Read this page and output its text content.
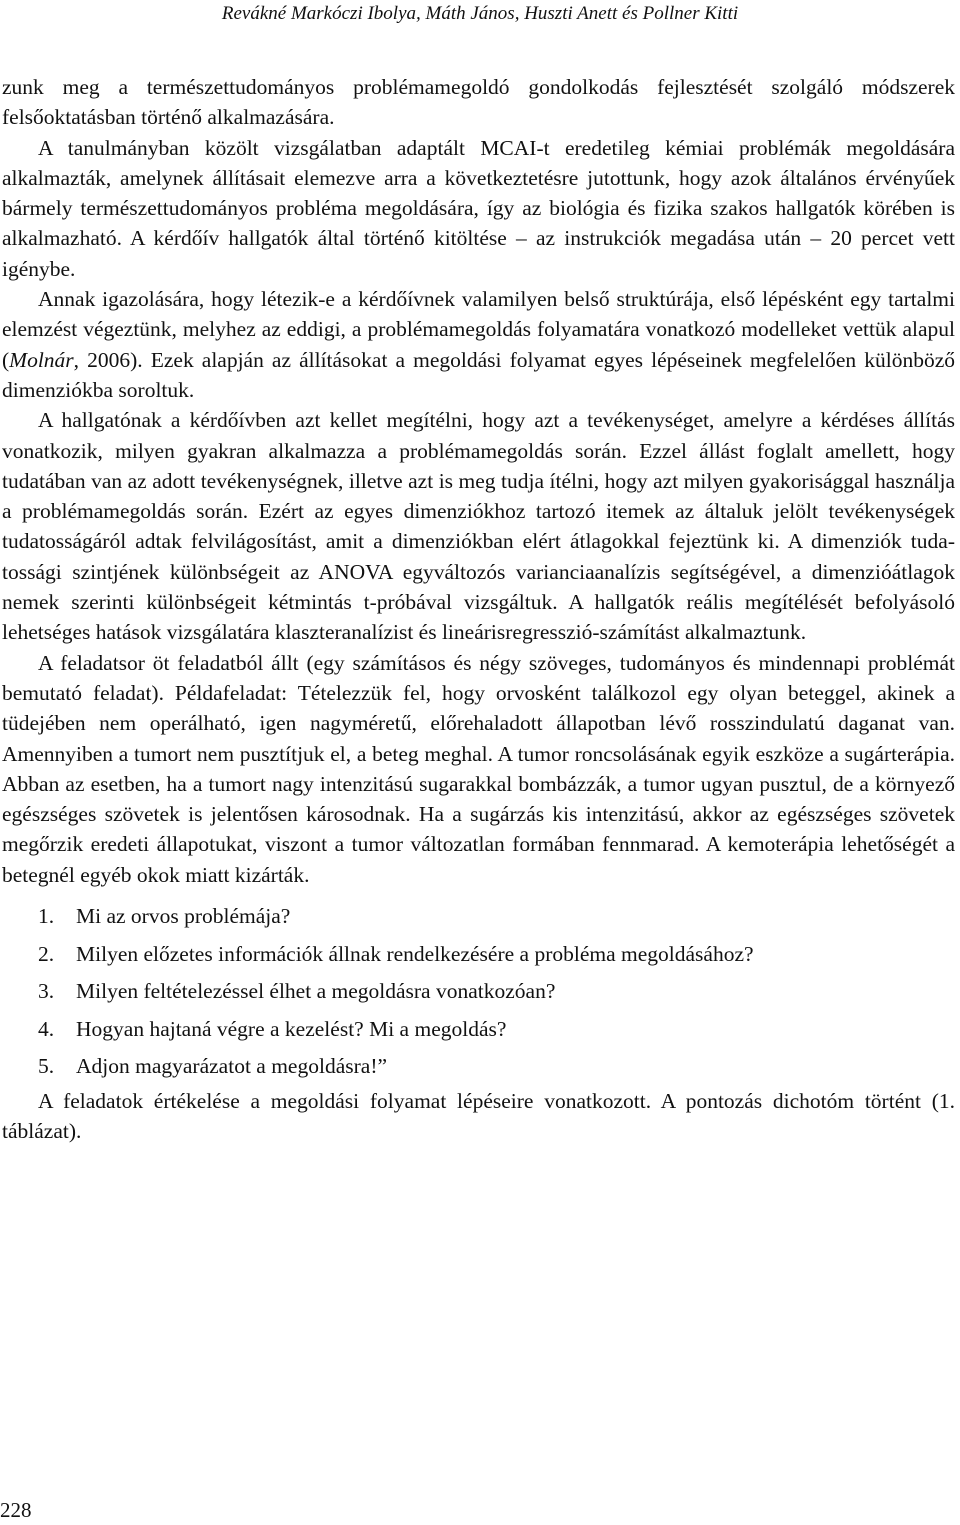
Revákné Markóczi Ibolya, Máth János, Huszti Anett és Pollner Kitti

zunk meg a természettudományos problémamegoldó gondolkodás fejlesztését szolgáló módszerek felsőoktatásban történő alkalmazására.

A tanulmányban közölt vizsgálatban adaptált MCAI-t eredetileg kémiai problémák megoldására alkalmazták, amelynek állításait elemezve arra a következtetésre jutottunk, hogy azok általános érvényűek bármely természettudományos probléma megoldására, így az biológia és fizika szakos hallgatók körében is alkalmazható. A kérdőív hallgatók által történő kitöltése – az instrukciók megadása után – 20 percet vett igénybe.

Annak igazolására, hogy létezik-e a kérdőívnek valamilyen belső struktúrája, első lépésként egy tartalmi elemzést végeztünk, melyhez az eddigi, a problémamegoldás folyamatára vonatkozó modelleket vettük alapul (Molnár, 2006). Ezek alapján az állításokat a megoldási folyamat egyes lépéseinek megfelelően különböző dimenziókba soroltuk.

A hallgatónak a kérdőívben azt kellet megítélni, hogy azt a tevékenységet, amelyre a kérdéses állítás vonatkozik, milyen gyakran alkalmazza a problémamegoldás során. Ezzel állást foglalt amellett, hogy tudatában van az adott tevékenységnek, illetve azt is meg tudja ítélni, hogy azt milyen gyakorisággal használja a problémamegoldás során. Ezért az egyes dimenziókhoz tartozó itemek az általuk jelölt tevékenységek tudatosságáról adtak felvilágosítást, amit a dimenziókban elért átlagokkal fejeztünk ki. A dimenziók tudatossági szintjének különbségeit az ANOVA egyváltozós varianciaanalízis segítségével, a dimenzióátlagok nemek szerinti különbségeit kétmintás t-próbával vizsgáltuk. A hallgatók reális megítélését befolyásoló lehetséges hatások vizsgálatára klaszteranalízist és lineárisregresszió-számítást alkalmaztunk.

A feladatsor öt feladatból állt (egy számításos és négy szöveges, tudományos és mindennapi problémát bemutató feladat). Példafeladat: Tételezzük fel, hogy orvosként találkozol egy olyan beteggel, akinek a tüdejében nem operálható, igen nagyméretű, előrehaladott állapotban lévő rosszindulatú daganat van. Amennyiben a tumort nem pusztítjuk el, a beteg meghal. A tumor roncsolásának egyik eszköze a sugárterápia. Abban az esetben, ha a tumort nagy intenzitású sugarakkal bombázzák, a tumor ugyan pusztul, de a környező egészséges szövetek is jelentősen károsodnak. Ha a sugárzás kis intenzitású, akkor az egészséges szövetek megőrzik eredeti állapotukat, viszont a tumor változatlan formában fennmarad. A kemoterápia lehetőségét a betegnél egyéb okok miatt kizárták.

1. Mi az orvos problémája?
2. Milyen előzetes információk állnak rendelkezésére a probléma megoldásához?
3. Milyen feltételezéssel élhet a megoldásra vonatkozóan?
4. Hogyan hajtaná végre a kezelést? Mi a megoldás?
5. Adjon magyarázatot a megoldásra!”

A feladatok értékelése a megoldási folyamat lépéseire vonatkozott. A pontozás dichotóm történt (1. táblázat).

228
